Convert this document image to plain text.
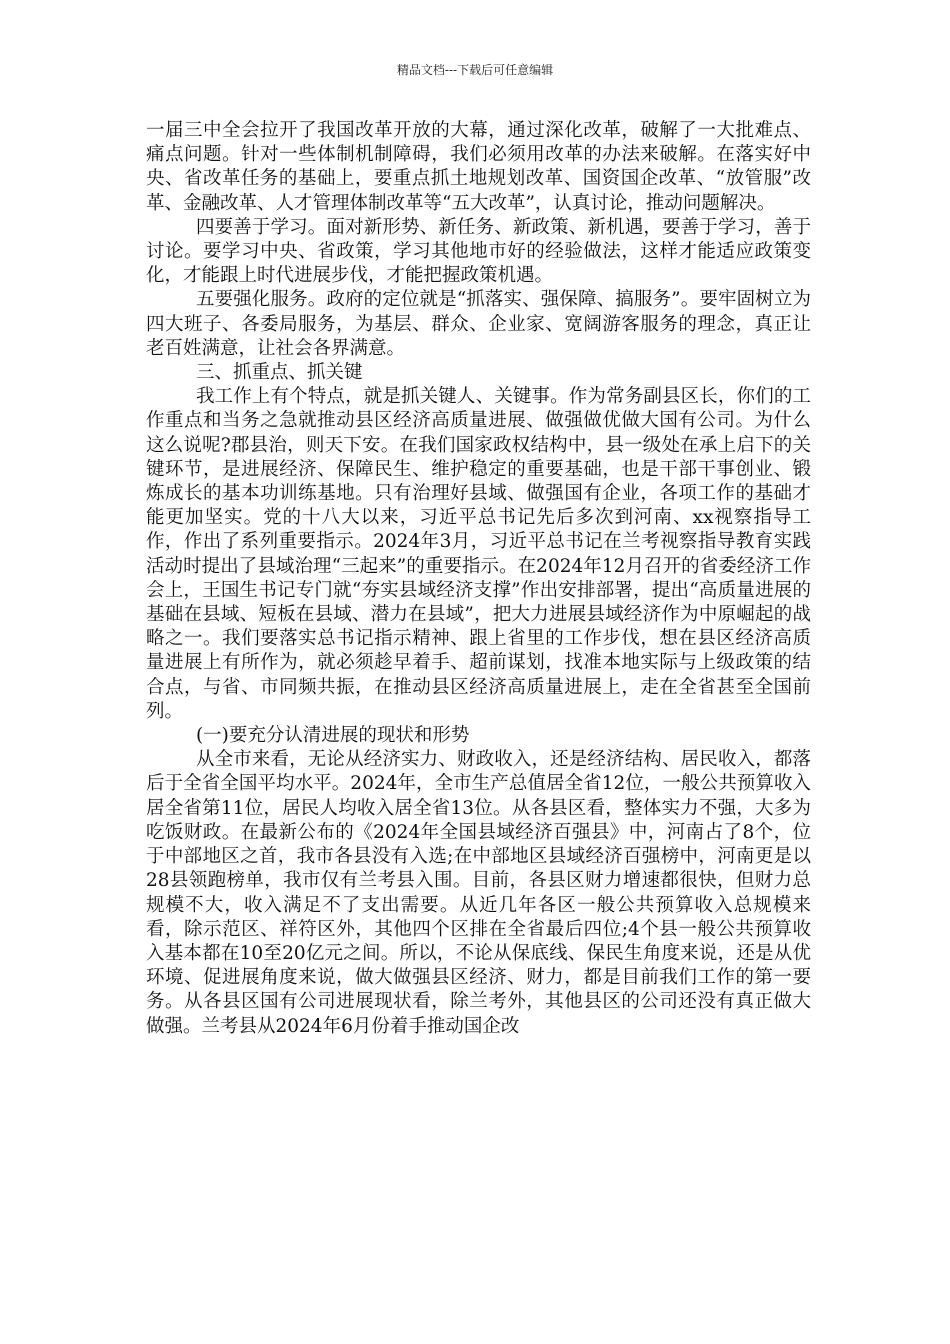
精品文档---下载后可任意编辑

一届三中全会拉开了我国改革开放的大幕，通过深化改革，破解了一大批难点、痛点问题。针对一些体制机制障碍，我们必须用改革的办法来破解。在落实好中央、省改革任务的基础上，要重点抓土地规划改革、国资国企改革、“放管服”改革、金融改革、人才管理体制改革等“五大改革”，认真讨论，推动问题解决。

四要善于学习。面对新形势、新任务、新政策、新机遇，要善于学习，善于讨论。要学习中央、省政策，学习其他地市好的经验做法，这样才能适应政策变化，才能跟上时代进展步伐，才能把握政策机遇。

五要强化服务。政府的定位就是“抓落实、强保障、搞服务”。要牢固树立为四大班子、各委局服务，为基层、群众、企业家、宽阔游客服务的理念，真正让老百姓满意，让社会各界满意。

三、抓重点、抓关键

我工作上有个特点，就是抓关键人、关键事。作为常务副县区长，你们的工作重点和当务之急就推动县区经济高质量进展、做强做优做大国有公司。为什么这么说呢?郡县治，则天下安。在我们国家政权结构中，县一级处在承上启下的关键环节，是进展经济、保障民生、维护稳定的重要基础，也是干部干事创业、锻炼成长的基本功训练基地。只有治理好县域、做强国有企业，各项工作的基础才能更加坚实。党的十八大以来，习近平总书记先后多次到河南、xx视察指导工作，作出了系列重要指示。2024年3月，习近平总书记在兰考视察指导教育实践活动时提出了县域治理“三起来”的重要指示。在2024年12月召开的省委经济工作会上，王国生书记专门就“夯实县域经济支撑”作出安排部署，提出“高质量进展的基础在县域、短板在县域、潜力在县域”，把大力进展县域经济作为中原崛起的战略之一。我们要落实总书记指示精神、跟上省里的工作步伐，想在县区经济高质量进展上有所作为，就必须趁早着手、超前谋划，找准本地实际与上级政策的结合点，与省、市同频共振，在推动县区经济高质量进展上，走在全省甚至全国前列。

(一)要充分认清进展的现状和形势

从全市来看，无论从经济实力、财政收入，还是经济结构、居民收入，都落后于全省全国平均水平。2024年，全市生产总值居全省12位，一般公共预算收入居全省第11位，居民人均收入居全省13位。从各县区看，整体实力不强，大多为吃饭财政。在最新公布的《2024年全国县域经济百强县》中，河南占了8个，位于中部地区之首，我市各县没有入选;在中部地区县域经济百强榜中，河南更是以28县领跑榜单，我市仅有兰考县入围。目前，各县区财力增速都很快，但财力总规模不大，收入满足不了支出需要。从近几年各区一般公共预算收入总规模来看，除示范区、祥符区外，其他四个区排在全省最后四位;4个县一般公共预算收入基本都在10至20亿元之间。所以，不论从保底线、保民生角度来说，还是从优环境、促进展角度来说，做大做强县区经济、财力，都是目前我们工作的第一要务。从各县区国有公司进展现状看，除兰考外，其他县区的公司还没有真正做大做强。兰考县从2024年6月份着手推动国企改
